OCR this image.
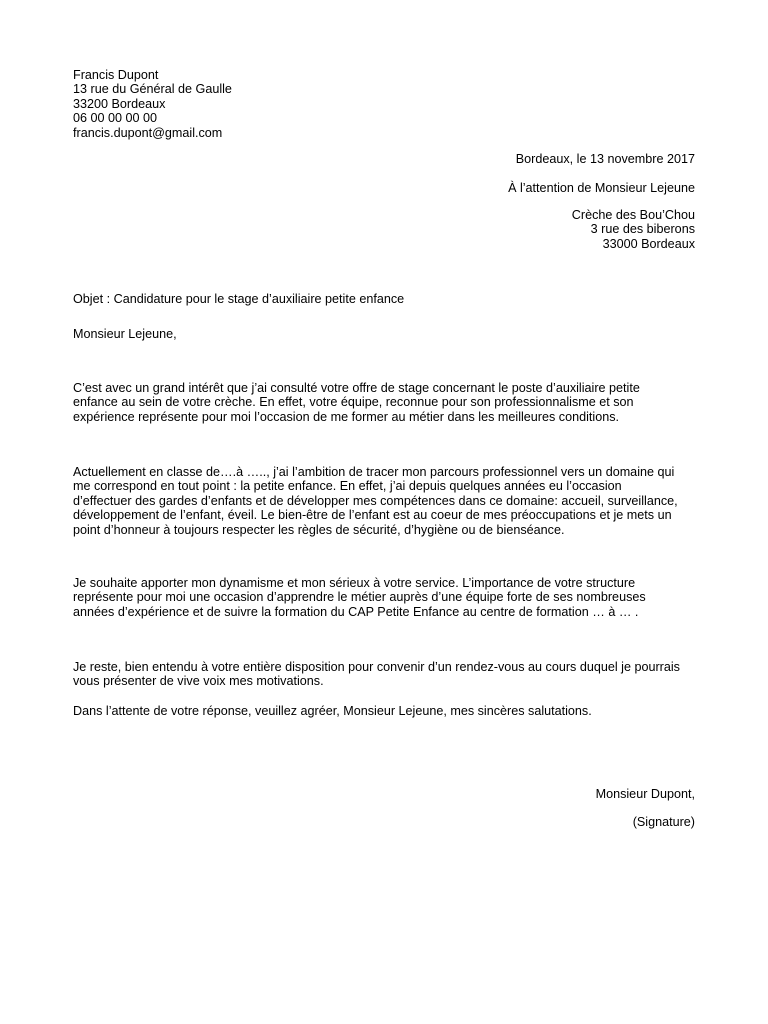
Francis Dupont
13 rue du Général de Gaulle
33200 Bordeaux
06 00 00 00 00
francis.dupont@gmail.com
Bordeaux, le 13 novembre 2017
À l’attention de Monsieur Lejeune
Crèche des Bou’Chou
3 rue des biberons
33000 Bordeaux
Objet : Candidature pour le stage d’auxiliaire petite enfance
Monsieur Lejeune,
C’est avec un grand intérêt que j’ai consulté votre offre de stage concernant le poste d’auxiliaire petite
enfance au sein de votre crèche. En effet, votre équipe, reconnue pour son professionnalisme et son
expérience représente pour moi l’occasion de me former au métier dans les meilleures conditions.
Actuellement en classe de….à ….., j’ai l’ambition de tracer mon parcours professionnel vers un domaine qui
me correspond en tout point : la petite enfance. En effet, j’ai depuis quelques années eu l’occasion
d’effectuer des gardes d’enfants et de développer mes compétences dans ce domaine: accueil, surveillance,
développement de l’enfant, éveil. Le bien-être de l’enfant est au coeur de mes préoccupations et je mets un
point d’honneur à toujours respecter les règles de sécurité, d’hygiène ou de bienséance.
Je souhaite apporter mon dynamisme et mon sérieux à votre service. L’importance de votre structure
représente pour moi une occasion d’apprendre le métier auprès d’une équipe forte de ses nombreuses
années d’expérience et de suivre la formation du CAP Petite Enfance au centre de formation … à … .
Je reste, bien entendu à votre entière disposition pour convenir d’un rendez-vous au cours duquel je pourrais
vous présenter de vive voix mes motivations.
Dans l’attente de votre réponse, veuillez agréer, Monsieur Lejeune, mes sincères salutations.
Monsieur Dupont,
(Signature)
